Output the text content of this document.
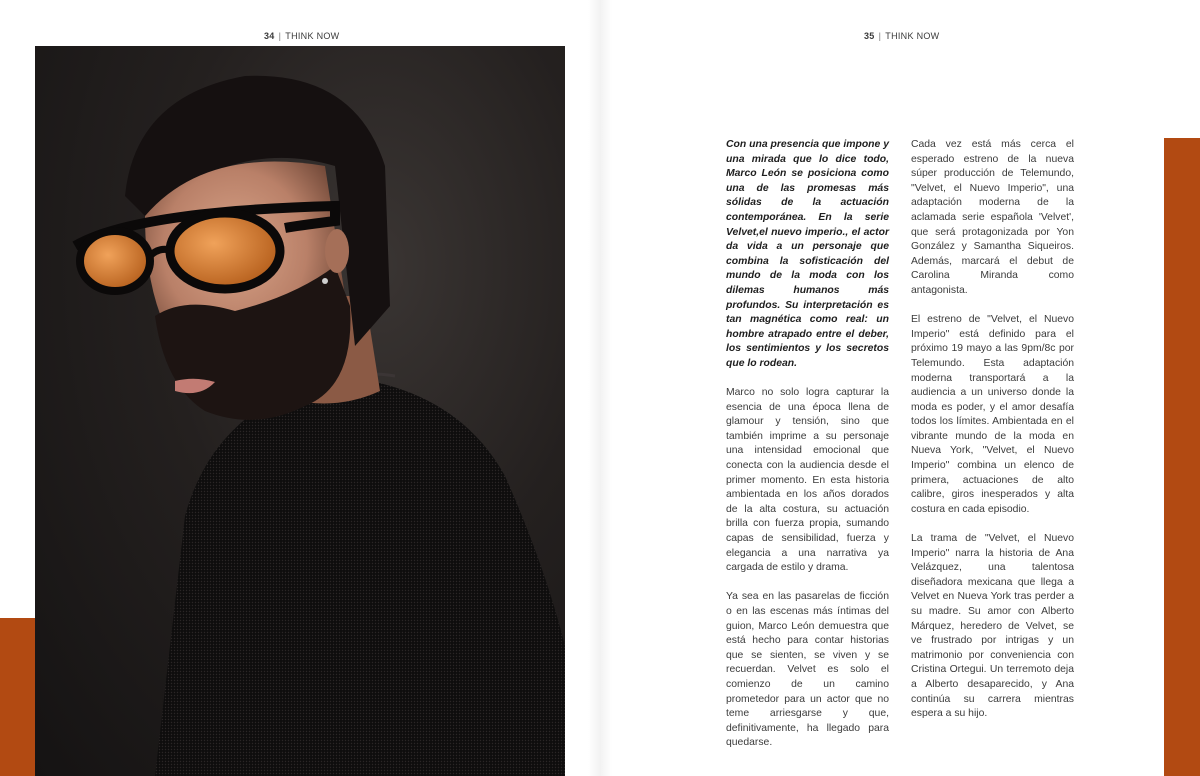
34 | THINK NOW	35 | THINK NOW

Con una presencia que impone y una mirada que lo dice todo, Marco León se posiciona como una de las promesas más sólidas de la actuación contemporánea. En la serie Velvet,el nuevo imperio., el actor da vida a un personaje que combina la sofisticación del mundo de la moda con los dilemas humanos más profundos. Su interpretación es tan magnética como real: un hombre atrapado entre el deber, los sentimientos y los secretos que lo rodean.

Marco no solo logra capturar la esencia de una época llena de glamour y tensión, sino que también imprime a su personaje una intensidad emocional que conecta con la audiencia desde el primer momento. En esta historia ambientada en los años dorados de la alta costura, su actuación brilla con fuerza propia, sumando capas de sensibilidad, fuerza y elegancia a una narrativa ya cargada de estilo y drama.

Ya sea en las pasarelas de ficción o en las escenas más íntimas del guion, Marco León demuestra que está hecho para contar historias que se sienten, se viven y se recuerdan. Velvet es solo el comienzo de un camino prometedor para un actor que no teme arriesgarse y que, definitivamente, ha llegado para quedarse.

Cada vez está más cerca el esperado estreno de la nueva súper producción de Telemundo, "Velvet, el Nuevo Imperio", una adaptación moderna de la aclamada serie española 'Velvet', que será protagonizada por Yon González y Samantha Siqueiros. Además, marcará el debut de Carolina Miranda como antagonista.

El estreno de "Velvet, el Nuevo Imperio" está definido para el próximo 19 mayo a las 9pm/8c por Telemundo. Esta adaptación moderna transportará a la audiencia a un universo donde la moda es poder, y el amor desafía todos los límites. Ambientada en el vibrante mundo de la moda en Nueva York, "Velvet, el Nuevo Imperio" combina un elenco de primera, actuaciones de alto calibre, giros inesperados y alta costura en cada episodio.

La trama de "Velvet, el Nuevo Imperio" narra la historia de Ana Velázquez, una talentosa diseñadora mexicana que llega a Velvet en Nueva York tras perder a su madre. Su amor con Alberto Márquez, heredero de Velvet, se ve frustrado por intrigas y un matrimonio por conveniencia con Cristina Ortegui. Un terremoto deja a Alberto desaparecido, y Ana continúa su carrera mientras espera a su hijo.
